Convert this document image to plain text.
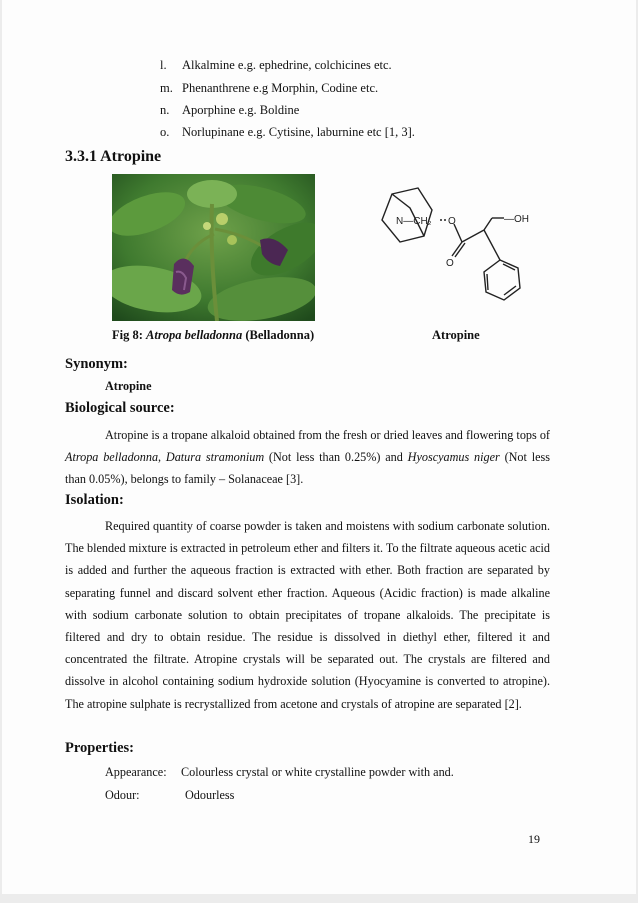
l. Alkalmine e.g. ephedrine, colchicines etc.
m. Phenanthrene e.g Morphin, Codine etc.
n. Aporphine e.g. Boldine
o. Norlupinane e.g. Cytisine, laburnine etc [1, 3].
3.3.1 Atropine
N—CH₂ O	—OH
O
Fig 8: Atropa belladonna (Belladonna)	Atropine
Synonym:
Atropine
Biological source:
Atropine is a tropane alkaloid obtained from the fresh or dried leaves and flowering tops of Atropa belladonna, Datura stramonium (Not less than 0.25%) and Hyoscyamus niger (Not less than 0.05%), belongs to family – Solanaceae [3].
Isolation:
Required quantity of coarse powder is taken and moistens with sodium carbonate solution. The blended mixture is extracted in petroleum ether and filters it. To the filtrate aqueous acetic acid is added and further the aqueous fraction is extracted with ether. Both fraction are separated by separating funnel and discard solvent ether fraction. Aqueous (Acidic fraction) is made alkaline with sodium carbonate solution to obtain precipitates of tropane alkaloids. The precipitate is filtered and dry to obtain residue. The residue is dissolved in diethyl ether, filtered it and concentrated the filtrate. Atropine crystals will be separated out. The crystals are filtered and dissolve in alcohol containing sodium hydroxide solution (Hyocyamine is converted to atropine). The atropine sulphate is recrystallized from acetone and crystals of atropine are separated [2].
Properties:
Appearance: Colourless crystal or white crystalline powder with and.
Odour:	Odourless
19
